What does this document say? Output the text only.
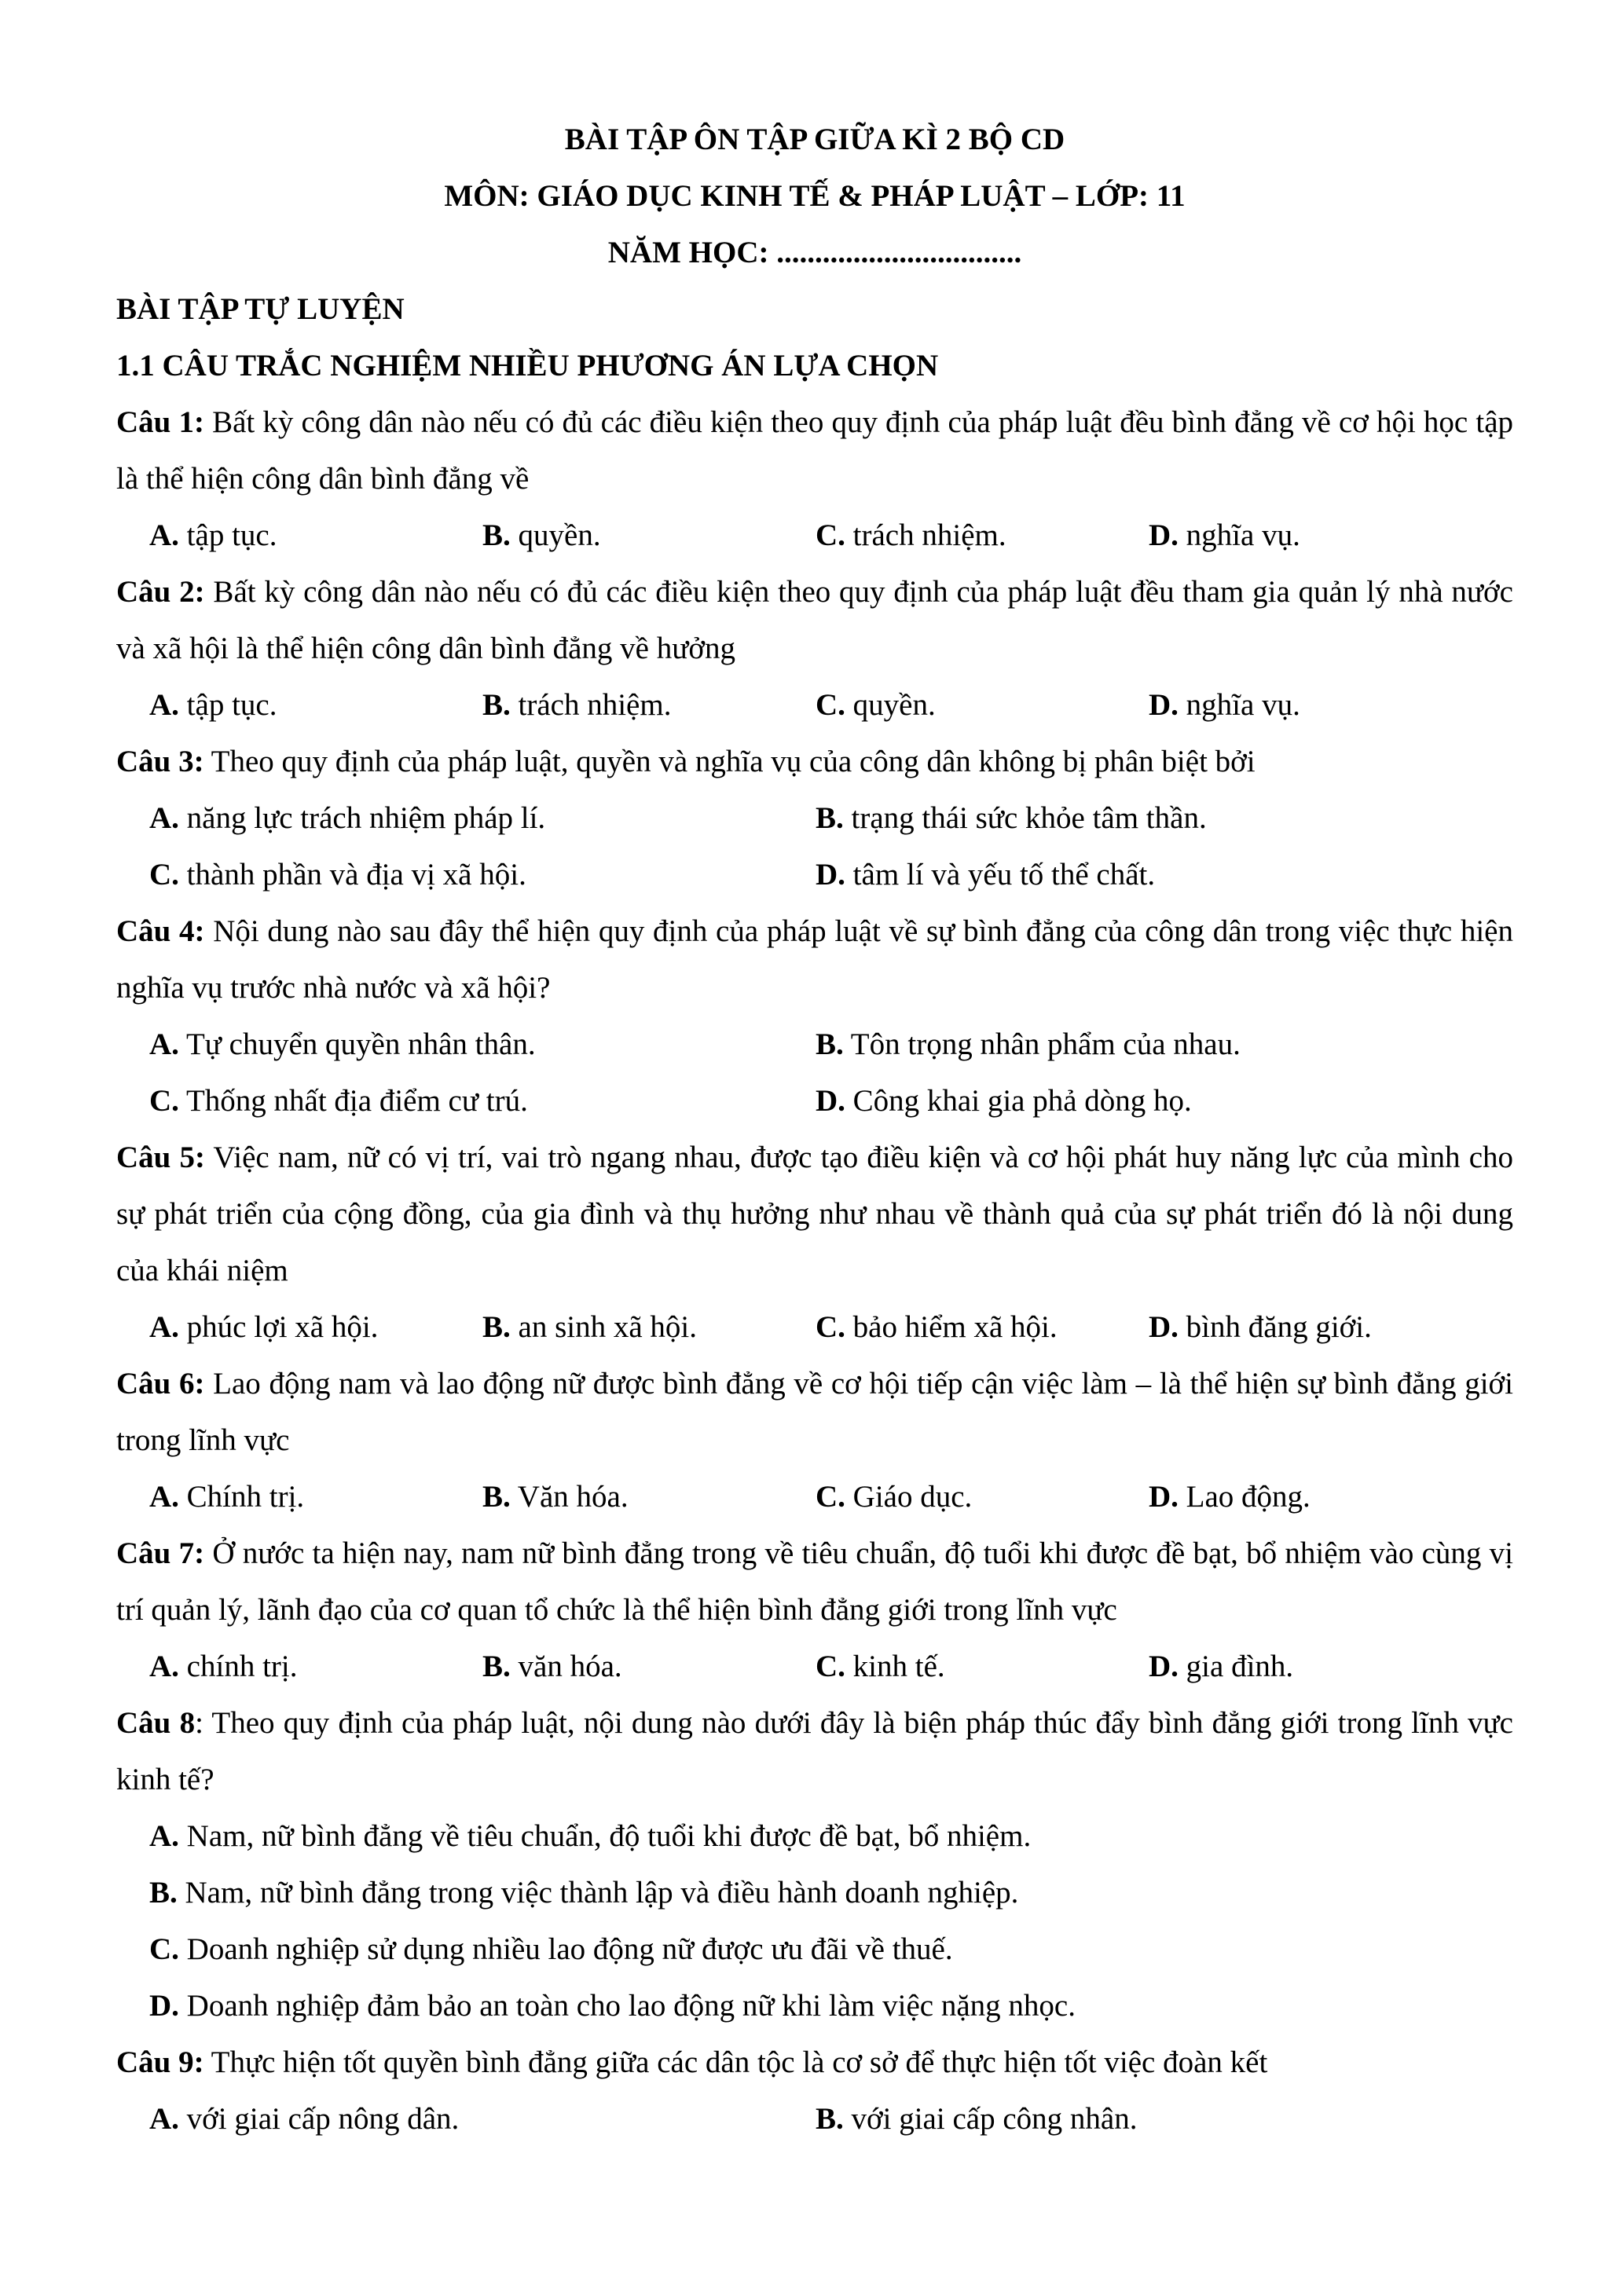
BÀI TẬP ÔN TẬP GIỮA KÌ 2 BỘ CD
MÔN: GIÁO DỤC KINH TẾ & PHÁP LUẬT – LỚP: 11
NĂM HỌC: ................................
BÀI TẬP TỰ LUYỆN
1.1 CÂU TRẮC NGHIỆM NHIỀU PHƯƠNG ÁN LỰA CHỌN
Câu 1: Bất kỳ công dân nào nếu có đủ các điều kiện theo quy định của pháp luật đều bình đẳng về cơ hội học tập là thể hiện công dân bình đẳng về
A. tập tục.	B. quyền.	C. trách nhiệm.	D. nghĩa vụ.
Câu 2: Bất kỳ công dân nào nếu có đủ các điều kiện theo quy định của pháp luật đều tham gia quản lý nhà nước và xã hội là thể hiện công dân bình đẳng về hưởng
A. tập tục.	B. trách nhiệm.	C. quyền.	D. nghĩa vụ.
Câu 3: Theo quy định của pháp luật, quyền và nghĩa vụ của công dân không bị phân biệt bởi
A. năng lực trách nhiệm pháp lí.	B. trạng thái sức khỏe tâm thần.
C. thành phần và địa vị xã hội.	D. tâm lí và yếu tố thể chất.
Câu 4: Nội dung nào sau đây thể hiện quy định của pháp luật về sự bình đẳng của công dân trong việc thực hiện nghĩa vụ trước nhà nước và xã hội?
A. Tự chuyển quyền nhân thân.	B. Tôn trọng nhân phẩm của nhau.
C. Thống nhất địa điểm cư trú.	D. Công khai gia phả dòng họ.
Câu 5: Việc nam, nữ có vị trí, vai trò ngang nhau, được tạo điều kiện và cơ hội phát huy năng lực của mình cho sự phát triển của cộng đồng, của gia đình và thụ hưởng như nhau về thành quả của sự phát triển đó là nội dung của khái niệm
A. phúc lợi xã hội.	B. an sinh xã hội.	C. bảo hiểm xã hội.	D. bình đăng giới.
Câu 6: Lao động nam và lao động nữ được bình đẳng về cơ hội tiếp cận việc làm – là thể hiện sự bình đẳng giới trong lĩnh vực
A. Chính trị.	B. Văn hóa.	C. Giáo dục.	D. Lao động.
Câu 7: Ở nước ta hiện nay, nam nữ bình đẳng trong về tiêu chuẩn, độ tuổi khi được đề bạt, bổ nhiệm vào cùng vị trí quản lý, lãnh đạo của cơ quan tổ chức là thể hiện bình đẳng giới trong lĩnh vực
A. chính trị.	B. văn hóa.	C. kinh tế.	D. gia đình.
Câu 8: Theo quy định của pháp luật, nội dung nào dưới đây là biện pháp thúc đẩy bình đẳng giới trong lĩnh vực kinh tế?
A. Nam, nữ bình đẳng về tiêu chuẩn, độ tuổi khi được đề bạt, bổ nhiệm.
B. Nam, nữ bình đẳng trong việc thành lập và điều hành doanh nghiệp.
C. Doanh nghiệp sử dụng nhiều lao động nữ được ưu đãi về thuế.
D. Doanh nghiệp đảm bảo an toàn cho lao động nữ khi làm việc nặng nhọc.
Câu 9: Thực hiện tốt quyền bình đẳng giữa các dân tộc là cơ sở để thực hiện tốt việc đoàn kết
A. với giai cấp nông dân.	B. với giai cấp công nhân.
